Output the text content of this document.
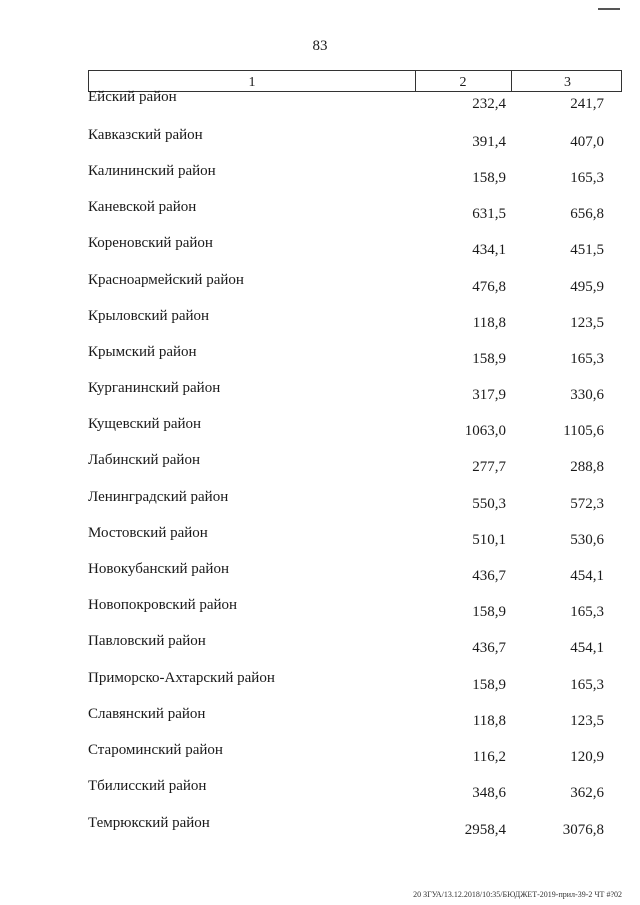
83
1	2	3
Ейский район	232,4	241,7
Кавказский район	391,4	407,0
Калининский район	158,9	165,3
Каневской район	631,5	656,8
Кореновский район	434,1	451,5
Красноармейский район	476,8	495,9
Крыловский район	118,8	123,5
Крымский район	158,9	165,3
Курганинский район	317,9	330,6
Кущевский район	1063,0	1105,6
Лабинский район	277,7	288,8
Ленинградский район	550,3	572,3
Мостовский район	510,1	530,6
Новокубанский район	436,7	454,1
Новопокровский район	158,9	165,3
Павловский район	436,7	454,1
Приморско-Ахтарский район	158,9	165,3
Славянский район	118,8	123,5
Староминский район	116,2	120,9
Тбилисский район	348,6	362,6
Темрюкский район	2958,4	3076,8
20 ЗГУА/13.12.2018/10:35/БЮДЖЕТ-2019-прил-39-2 ЧТ #?02
